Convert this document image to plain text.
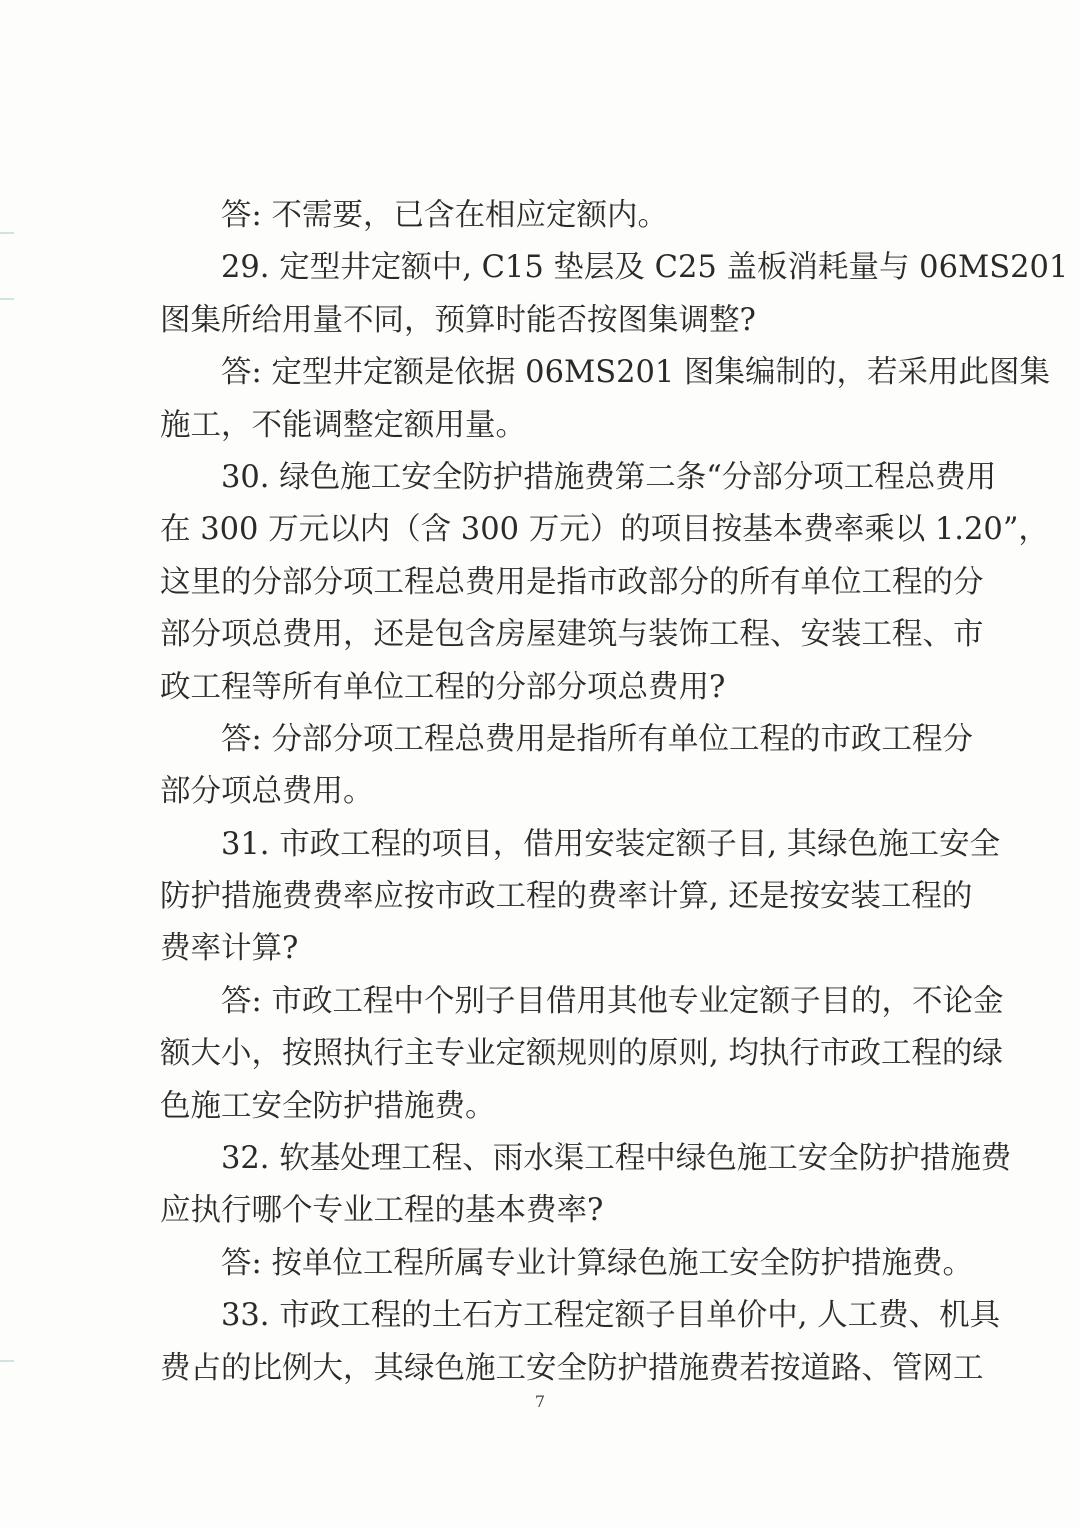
答: 不需要，已含在相应定额内。
29. 定型井定额中, C15 垫层及 C25 盖板消耗量与 06MS201
图集所给用量不同，预算时能否按图集调整?
答: 定型井定额是依据 06MS201 图集编制的，若采用此图集
施工，不能调整定额用量。
30. 绿色施工安全防护措施费第二条“分部分项工程总费用
在 300 万元以内（含 300 万元）的项目按基本费率乘以 1.20”，
这里的分部分项工程总费用是指市政部分的所有单位工程的分
部分项总费用，还是包含房屋建筑与装饰工程、安装工程、市
政工程等所有单位工程的分部分项总费用?
答: 分部分项工程总费用是指所有单位工程的市政工程分
部分项总费用。
31. 市政工程的项目，借用安装定额子目, 其绿色施工安全
防护措施费费率应按市政工程的费率计算, 还是按安装工程的
费率计算?
答: 市政工程中个别子目借用其他专业定额子目的，不论金
额大小，按照执行主专业定额规则的原则, 均执行市政工程的绿
色施工安全防护措施费。
32. 软基处理工程、雨水渠工程中绿色施工安全防护措施费
应执行哪个专业工程的基本费率?
答: 按单位工程所属专业计算绿色施工安全防护措施费。
33. 市政工程的土石方工程定额子目单价中, 人工费、机具
费占的比例大，其绿色施工安全防护措施费若按道路、管网工
7
